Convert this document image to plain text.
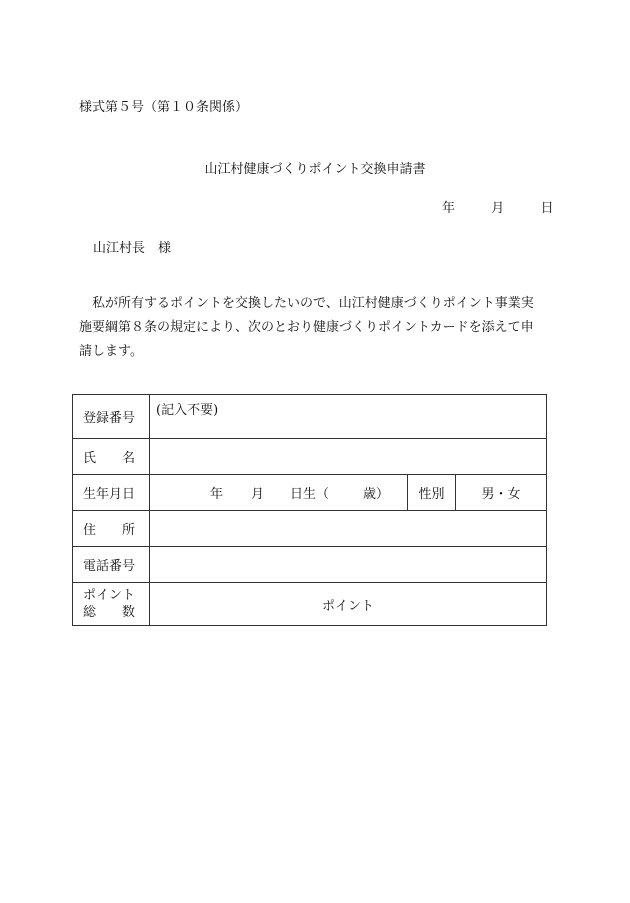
様式第５号（第１０条関係）
山江村健康づくりポイント交換申請書
年	月	日
山江村長　様

私が所有するポイントを交換したいので、山江村健康づくりポイント事業実

施要綱第８条の規定により、次のとおり健康づくりポイントカードを添えて申

請します。

登録番号	(記入不要)		
氏 名			
生年月日	年 月 日生（ 歳）	性別	男・女
住 所			
電話番号			

ポイント
総 数	ポイント		
